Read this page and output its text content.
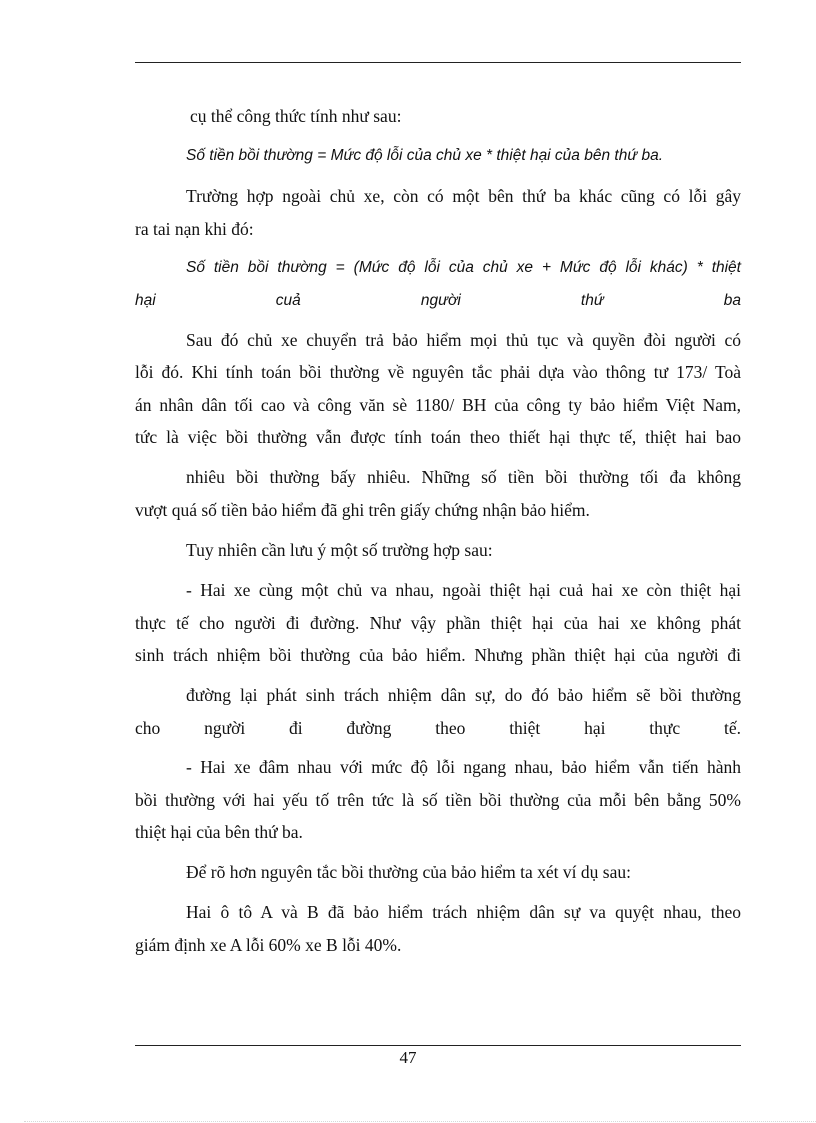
cụ thể công thức tính như sau:
Số tiền bồi thường = Mức độ lỗi của chủ xe * thiệt hại của bên thứ ba.
Trường hợp ngoài chủ xe, còn có một bên thứ ba khác cũng có lỗi gây
ra tai nạn khi đó:
Số tiền bồi thường = (Mức độ lỗi của chủ xe + Mức độ lỗi khác) * thiệt
hại cuả người thứ ba
Sau đó chủ xe chuyển trả bảo hiểm mọi thủ tục và quyền đòi người có
lỗi đó. Khi tính toán bồi thường về nguyên tắc phải dựa vào thông tư 173/ Toà
án nhân dân tối cao và công văn sè 1180/ BH của công ty bảo hiểm Việt Nam,
tức là việc bồi thường vẫn được tính toán theo thiết hại thực tế, thiệt hai bao
nhiêu bồi thường bấy nhiêu. Những số tiền bồi thường tối đa không
vượt quá số tiền bảo hiểm đã ghi trên giấy chứng nhận bảo hiểm.
Tuy nhiên cần lưu ý một số trường hợp sau:
- Hai xe cùng một chủ va nhau, ngoài thiệt hại cuả hai xe còn thiệt hại
thực tế cho người đi đường. Như vậy phần thiệt hại của hai xe không phát
sinh trách nhiệm bồi thường của bảo hiểm. Nhưng phần thiệt hại của người đi
đường lại phát sinh trách nhiệm dân sự, do đó bảo hiểm sẽ bồi thường
cho người đi đường theo thiệt hại thực tế.
- Hai xe đâm nhau với mức độ lỗi ngang nhau, bảo hiểm vẫn tiến hành
bồi thường với hai yếu tố trên tức là số tiền bồi thường của mỗi bên bằng 50%
thiệt hại của bên thứ ba.
Để rõ hơn nguyên tắc bồi thường của bảo hiểm ta xét ví dụ sau:
Hai ô tô A và B đã bảo hiểm trách nhiệm dân sự va quyệt nhau, theo
giám định xe A lỗi 60% xe B lỗi 40%.
47
